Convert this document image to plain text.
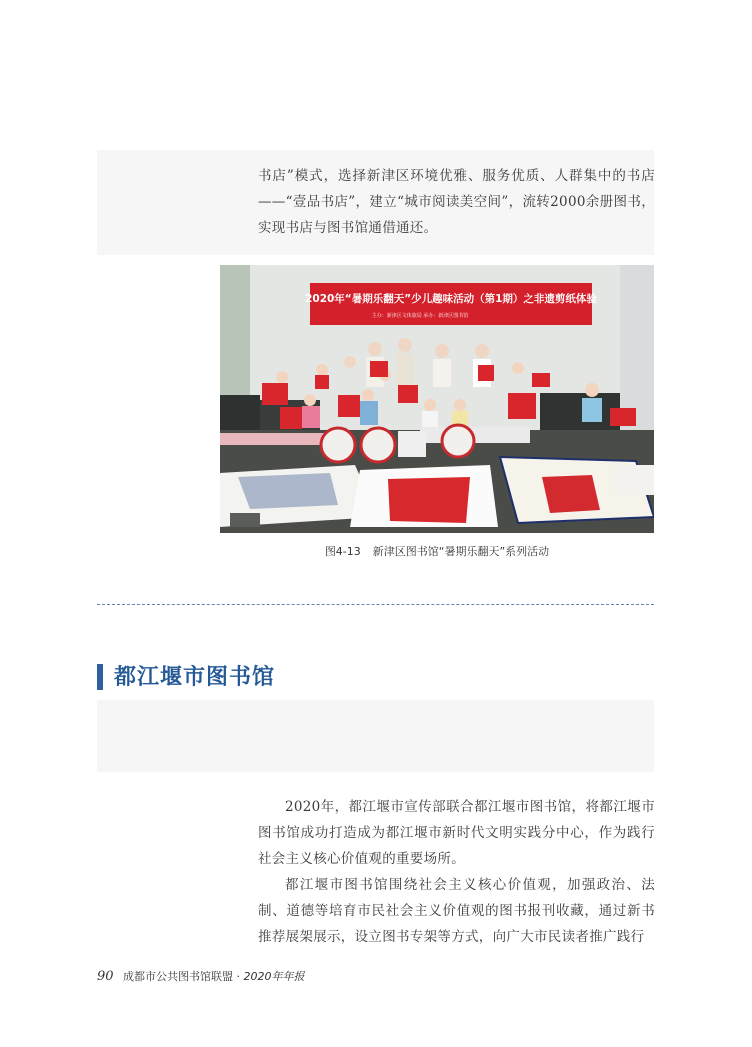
书店”模式，选择新津区环境优雅、服务优质、人群集中的书店——“壹品书店”，建立“城市阅读美空间”，流转2000余册图书，实现书店与图书馆通借通还。

2020年“暑期乐翻天”少儿趣味活动（第1期）之非遗剪纸体验
主办：新津区文体旅局 承办：新津区图书馆
图4-13 新津区图书馆“暑期乐翻天”系列活动
都江堰市图书馆

2020年，都江堰市宣传部联合都江堰市图书馆，将都江堰市图书馆成功打造成为都江堰市新时代文明实践分中心，作为践行社会主义核心价值观的重要场所。

都江堰市图书馆围绕社会主义核心价值观，加强政治、法制、道德等培育市民社会主义价值观的图书报刊收藏，通过新书推荐展架展示，设立图书专架等方式，向广大市民读者推广践行

90 成都市公共图书馆联盟 · 2020年年报
